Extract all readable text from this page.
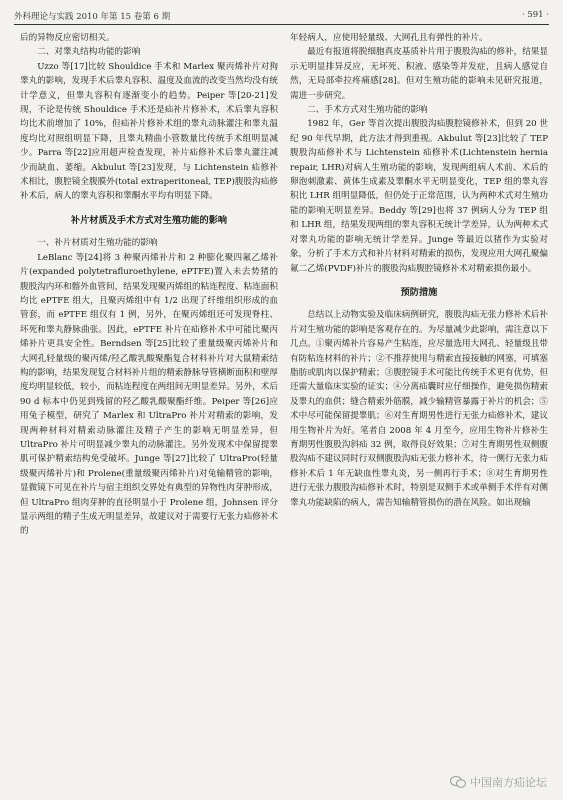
外科理论与实践 2010 年第 15 卷第 6 期	· 591 ·

后的异物反应密切相关。

二、对睾丸结构功能的影响

Uzzo 等[17]比较 Shouldice 手术和 Marlex 聚丙烯补片对狗睾丸的影响，发现手术后睾丸容积、温度及血流的改变当然均没有统计学意义，但睾丸容积有逐渐变小的趋势。Peiper 等[20-21]发现，不论是传统 Shouldice 手术还是疝补片修补术，术后睾丸容积均比术前增加了 10%，但疝补片修补术组的睾丸动脉灌注和睾丸温度均比对照组明显下降，且睾丸精曲小管数量比传统手术组明显减少。Parra 等[22]应用超声检查发现，补片疝修补术后睾丸灌注减少而缺血、萎缩。Akbulut 等[23]发现，与 Lichtenstein 疝修补术相比，腹腔镜全腹膜外(total extraperitoneal, TEP)腹股沟疝修补术后，病人的睾丸容积和睾酮水平均有明显下降。

补片材质及手术方式对生殖功能的影响

一、补片材质对生殖功能的影响

LeBlanc 等[24]将 3 种聚丙烯补片和 2 种膨化聚四氟乙烯补片(expanded polytetrafluroethylene, ePTFE)置入未去势猪的腹股沟内环和髂外血管间，结果发现聚丙烯组的粘连程度、粘连面积均比 ePTFE 组大，且聚丙烯组中有 1/2 出现了纤维组织形成的血管套，而 ePTFE 组仅有 1 例，另外，在聚丙烯组还可发现脊柱、坏死和睾丸静脉曲张。因此，ePTFE 补片在疝修补术中可能比聚丙烯补片更具安全性。Berndsen 等[25]比较了重量级聚丙烯补片和大网孔轻量级的聚丙烯/羟乙酸乳酸聚酯复合材料补片对大鼠精索结构的影响，结果发现复合材料补片组的精索静脉导管横断面积和壁厚度均明显较低，较小，而粘连程度在两组间无明显差异。另外，术后 90 d 标本中仍见到残留的羟乙酸乳酸聚酯纤维。Peiper 等[26]应用兔子模型，研究了 Marlex 和 UltraPro 补片对精索的影响，发现两种材料对精索动脉灌注及精子产生的影响无明显差异，但 UltraPro 补片可明显减少睾丸的动脉灌注。另外发现术中保留提睾肌可保护精索结构免受破坏。Junge 等[27]比较了 UltraPro(轻量级聚丙烯补片)和 Prolene(重量级聚丙烯补片)对兔输精管的影响，显微镜下可见在补片与宿主组织交界处有典型的异物性肉芽肿形成，但 UltraPro 组肉芽肿的直径明显小于 Prolene 组，Johnsen 评分显示两组的精子生成无明显差异，故建议对于需要行无张力疝修补术的

年轻病人，应使用轻量级、大网孔且有弹性的补片。

最近有报道将脱细胞真皮基质补片用于腹股沟疝的修补，结果显示无明显排异反应，无坏死、积液、感染等并发症，且病人感觉自然，无局部牵拉疼痛感[28]。但对生殖功能的影响未见研究报道，需进一步研究。

二、手术方式对生殖功能的影响

1982 年，Ger 等首次提出腹股沟疝腹腔镜修补术，但到 20 世纪 90 年代早期，此方法才得到重视。Akbulut 等[23]比较了 TEP 腹股沟疝修补术与 Lichtenstein 疝修补术(Lichtenstein hernia repair, LHR)对病人生殖功能的影响，发现两组病人术前、术后的卵泡刺激素、黄体生成素及睾酮水平无明显变化，TEP 组的睾丸容积比 LHR 组明显降低，但仍处于正常范围，认为两种术式对生殖功能的影响无明显差异。Beddy 等[29]也将 37 例病人分为 TEP 组和 LHR 组，结果发现两组的睾丸容积无统计学差异，认为两种术式对睾丸功能的影响无统计学差异。Junge 等最近以猪作为实验对象，分析了手术方式和补片材料对精索的损伤，发现应用大网孔聚偏氟二乙烯(PVDF)补片的腹股沟疝腹腔镜修补术对精索损伤最小。

预防措施

总结以上动物实验及临床病例研究，腹股沟疝无张力修补术后补片对生殖功能的影响是客观存在的。为尽量减少此影响，需注意以下几点。①聚丙烯补片容易产生粘连，应尽量选用大网孔、轻量级且带有防粘连材料的补片；②不推荐使用与精索直接接触的网塞，可填塞脂肪或肌肉以保护精索；③腹腔镜手术可能比传统手术更有优势，但还需大量临床实验的证实；④分离疝囊时应仔细操作，避免损伤精索及睾丸的血供；缝合精索外筋膜，减少输精管暴露于补片的机会；⑤术中尽可能保留提睾肌；⑥对生育期男性进行无张力疝修补术，建议用生物补片为好。笔者自 2008 年 4 月至今，应用生物补片修补生育期男性腹股沟斜疝 32 例，取得良好效果；⑦对生育期男性双侧腹股沟疝不建议同时行双侧腹股沟疝无张力修补术，待一侧行无张力疝修补术后 1 年无缺血性睾丸炎，另一侧再行手术；⑧对生育期男性进行无张力腹股沟疝修补术时，特别是双侧手术或单侧手术伴有对侧睾丸功能缺陷的病人，需告知输精管损伤的潜在风险。如出现输

中国南方疝论坛
